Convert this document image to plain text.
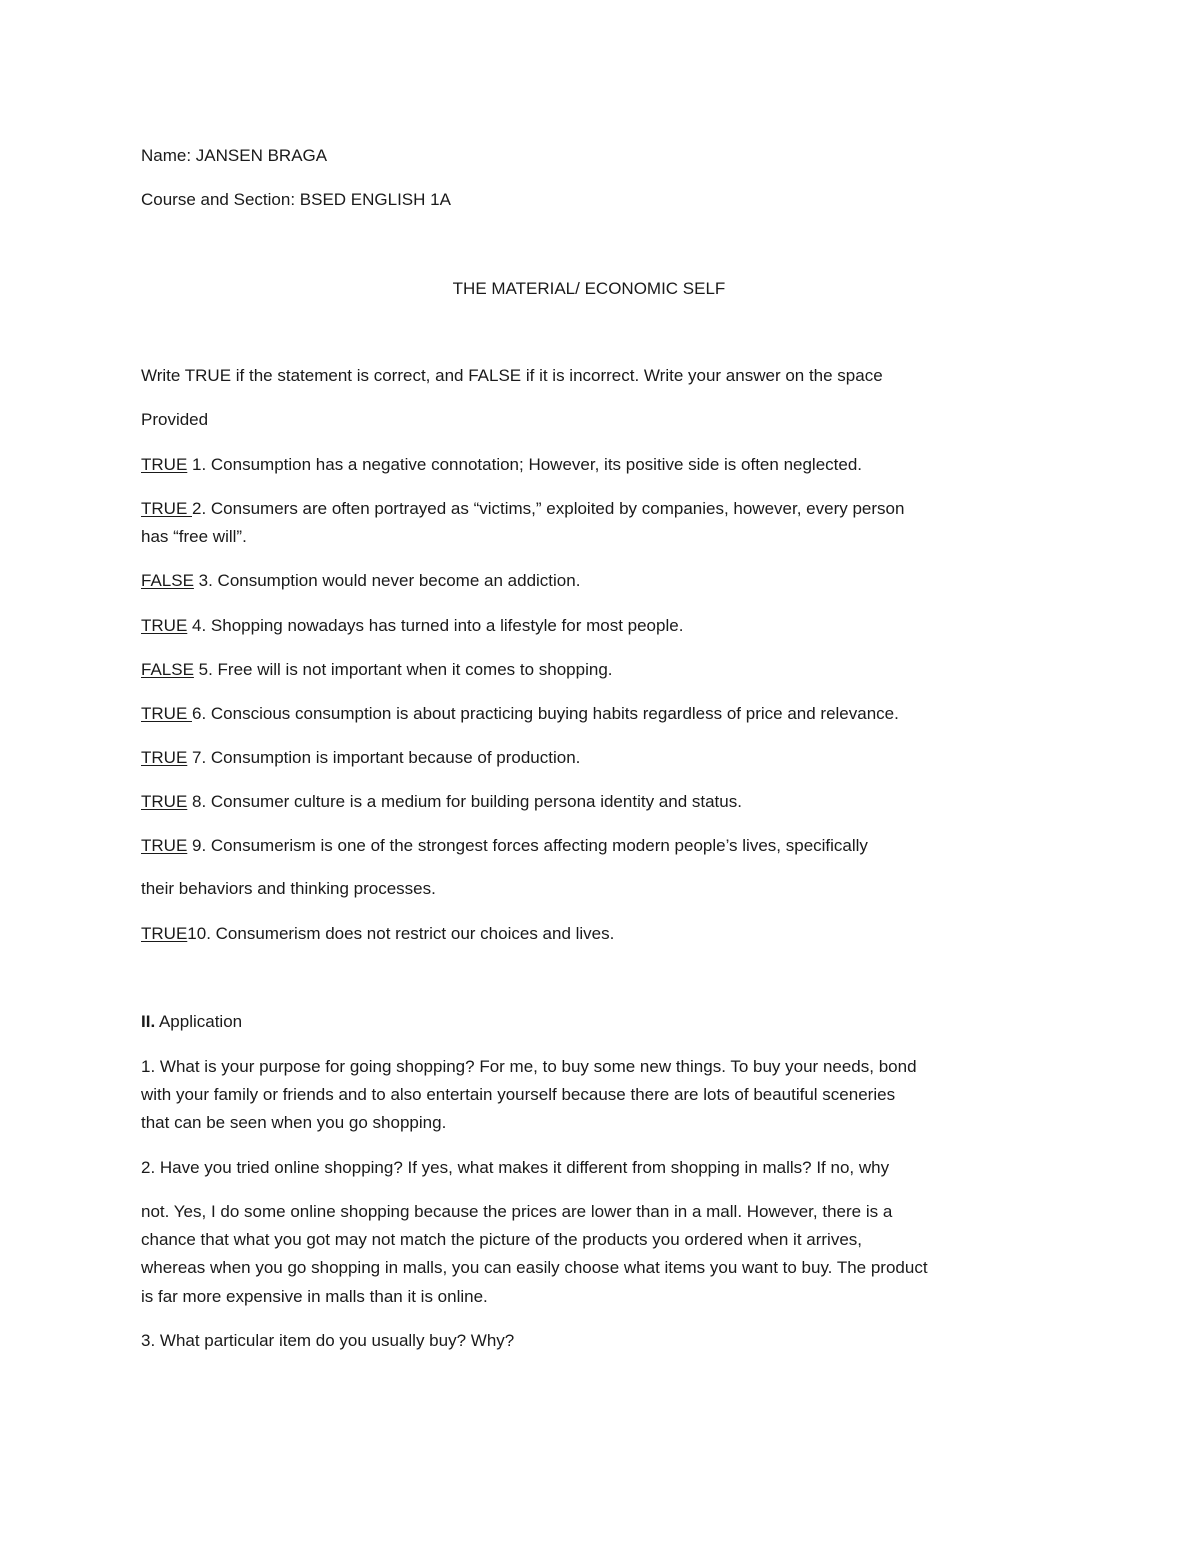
Name: JANSEN BRAGA
Course and Section: BSED ENGLISH 1A
THE MATERIAL/ ECONOMIC SELF
Write TRUE if the statement is correct, and FALSE if it is incorrect. Write your answer on the space
Provided
TRUE 1. Consumption has a negative connotation; However, its positive side is often neglected.
TRUE 2. Consumers are often portrayed as “victims,” exploited by companies, however, every person
has “free will”.
FALSE 3. Consumption would never become an addiction.
TRUE 4. Shopping nowadays has turned into a lifestyle for most people.
FALSE 5. Free will is not important when it comes to shopping.
TRUE 6. Conscious consumption is about practicing buying habits regardless of price and relevance.
TRUE 7. Consumption is important because of production.
TRUE 8. Consumer culture is a medium for building persona identity and status.
TRUE 9. Consumerism is one of the strongest forces affecting modern people’s lives, specifically
their behaviors and thinking processes.
TRUE10. Consumerism does not restrict our choices and lives.
II. Application
1. What is your purpose for going shopping? For me, to buy some new things. To buy your needs, bond
with your family or friends and to also entertain yourself because there are lots of beautiful sceneries
that can be seen when you go shopping.
2. Have you tried online shopping? If yes, what makes it different from shopping in malls? If no, why
not. Yes, I do some online shopping because the prices are lower than in a mall. However, there is a
chance that what you got may not match the picture of the products you ordered when it arrives,
whereas when you go shopping in malls, you can easily choose what items you want to buy. The product
is far more expensive in malls than it is online.
3. What particular item do you usually buy? Why?
